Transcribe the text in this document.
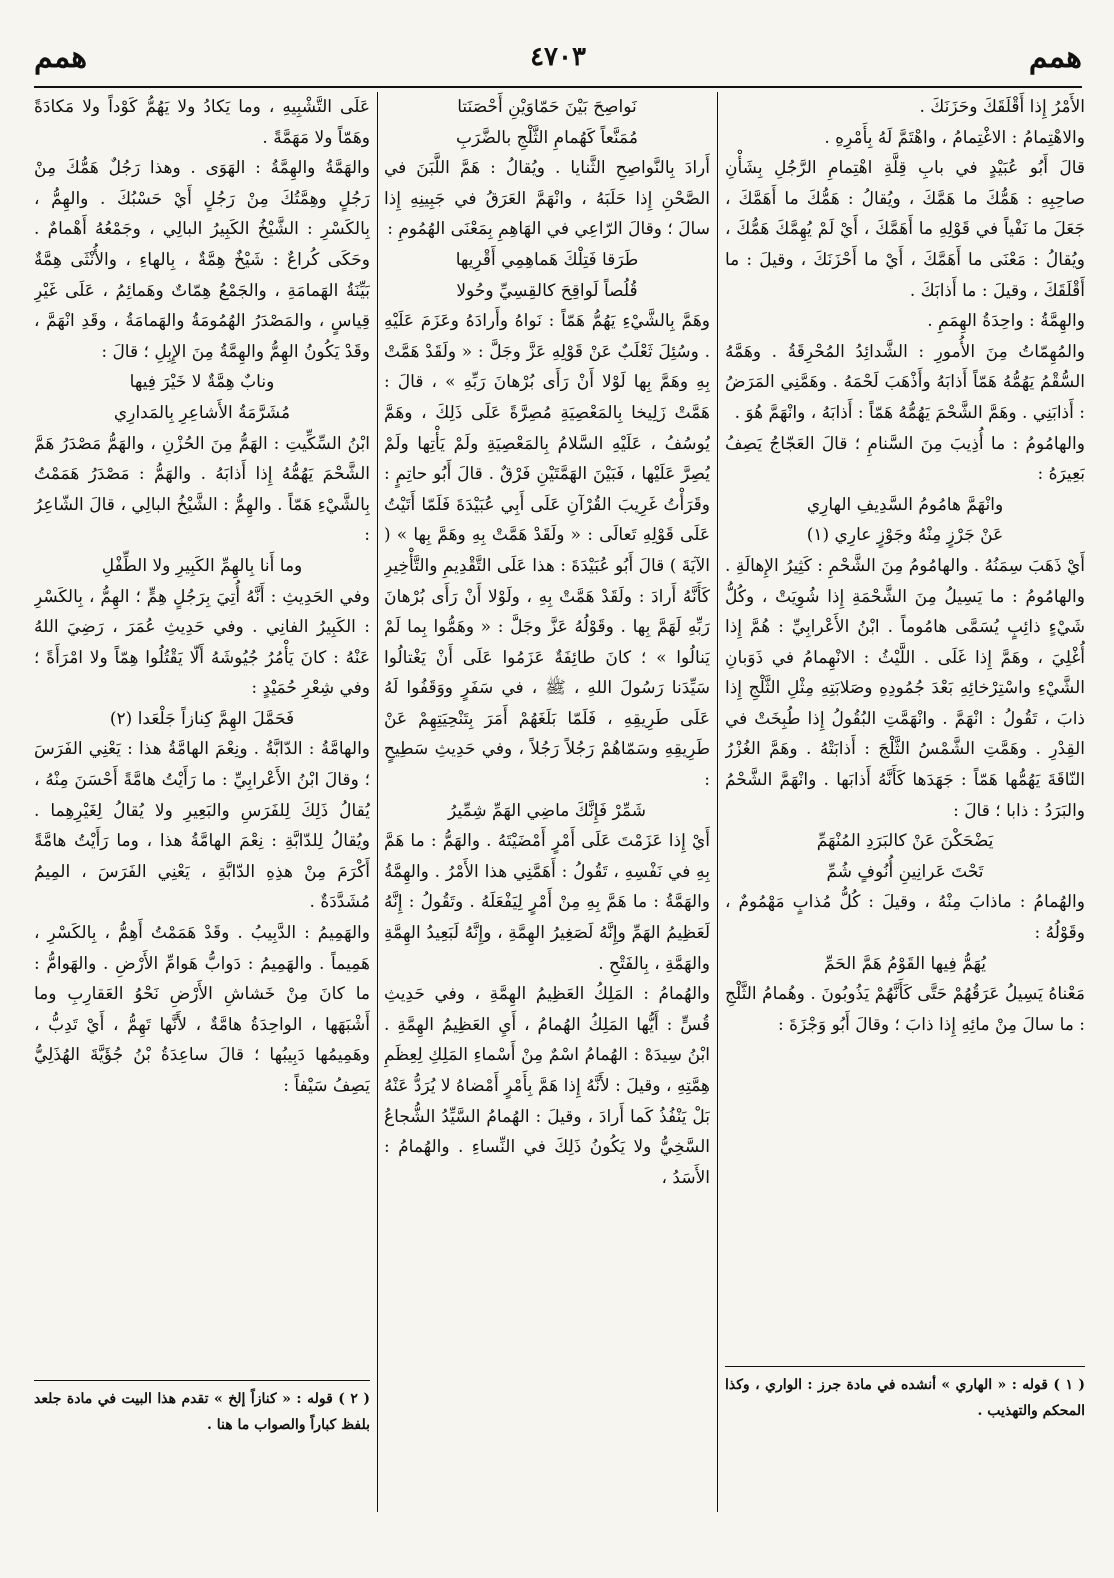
همم
٤٧٠٣
همم

الأَمْرُ إِذا أَقْلَقَكَ وحَزَنَكَ .

والاهْتِمامُ : الاغْتِمامُ ، واهْتَمَّ لَهُ بِأَمْرِهِ .

قالَ أَبُو عُبَيْدٍ في بابِ قِلَّةِ اهْتِمامِ الرَّجُلِ بِشَأْنِ صاحِبِهِ : هَمُّكَ ما هَمَّكَ ، ويُقالُ : هَمُّكَ ما أَهَمَّكَ ، جَعَلَ ما نَفْياً في قَوْلِهِ ما أَهَمَّكَ ، أَيْ لَمْ يُهِمَّكَ هَمُّكَ ، ويُقالُ : مَعْنَى ما أَهَمَّكَ ، أَيْ ما أَحْزَنَكَ ، وقيلَ : ما أَقْلَقَكَ ، وقيلَ : ما أَذابَكَ .

والهِمَّةُ : واحِدَةُ الهِمَمِ .

والمُهِمّاتُ مِنَ الأُمورِ : الشَّدائِدُ المُحْرِقَةُ . وهَمَّهُ السُّقْمُ يَهُمُّهُ هَمّاً أَذابَهُ وأَذْهَبَ لَحْمَهُ . وهَمَّنِي المَرَضُ : أَذابَنِي . وهَمَّ الشَّحْمَ يَهُمُّهُ هَمّاً : أَذابَهُ ، وانْهَمَّ هُوَ .

والهامُومُ : ما أُذِيبَ مِنَ السَّنامِ ؛ قالَ العَجّاجُ يَصِفُ بَعِيرَهُ :

وانْهَمَّ هامُومُ السَّدِيفِ الهارِي

عَنْ جَرْزٍ مِنْهُ وجَوْزٍ عارِي (١)

أَيْ ذَهَبَ سِمَنُهُ . والهامُومُ مِنَ الشَّحْمِ : كَثِيرُ الإِهالَةِ . والهامُومُ : ما يَسِيلُ مِنَ الشَّحْمَةِ إِذا شُوِيَتْ ، وكُلُّ شَيْءٍ ذائِبٍ يُسَمَّى هامُوماً . ابْنُ الأَعْرابِيِّ : هُمَّ إِذا أُغْلِيَ ، وهَمَّ إِذا غَلَى . اللَّيْثُ : الانْهِمامُ في ذَوَبانِ الشَّيْءِ واسْتِرْخائِهِ بَعْدَ جُمُودِهِ وصَلابَتِهِ مِثْلِ الثَّلْجِ إِذا ذابَ ، تَقُولُ : انْهَمَّ . وانْهَمَّتِ البُقُولُ إِذا طُبِخَتْ في القِدْرِ . وهَمَّتِ الشَّمْسُ الثَّلْجَ : أَذابَتْهُ . وهَمَّ الغُزْرُ النّاقَةَ يَهُمُّها هَمّاً : جَهَدَها كَأَنَّهُ أَذابَها . وانْهَمَّ الشَّحْمُ والبَرَدُ : ذابا ؛ قالَ :

يَضْحَكْنَ عَنْ كالبَرَدِ المُنْهَمِّ

تَحْتَ عَرانِينِ أُنُوفٍ شُمِّ

والهُمامُ : ماذابَ مِنْهُ ، وقيلَ : كُلُّ مُذابٍ مَهْمُومٌ ، وقَوْلُهُ :

يُهَمُّ فِيها القَوْمُ هَمَّ الحَمِّ

مَعْناهُ يَسِيلُ عَرَقُهُمْ حَتَّى كَأَنَّهُمْ يَذُوبُونَ . وهُمامُ الثَّلْجِ : ما سالَ مِنْ مائِهِ إِذا ذابَ ؛ وقالَ أَبُو وَجْزَةَ :

( ١ ) قوله : « الهاري » أنشده في مادة جرز : الواري ، وكذا المحكم والتهذيب .

نَواصِحَ بَيْنَ حَمّاوَيْنِ أَحْصَنَتا

مُمَنَّعاً كَهُمامِ الثَّلْجِ بالضَّرَبِ

أَرادَ بِالنَّواصِحِ الثَّنايا . ويُقالُ : هَمَّ اللَّبَنَ في الصَّحْنِ إِذا حَلَبَهُ ، وانْهَمَّ العَرَقُ في جَبِينِهِ إِذا سالَ ؛ وقالَ الرّاعِي في الهَاهِمِ بِمَعْنَى الهُمُومِ :

طَرَقا فَتِلْكَ هَماهِمِي أَقْرِيها

قُلُصاً لَواقِحَ كالقِسِيِّ وحُولا

وهَمَّ بِالشَّيْءِ يَهُمُّ هَمّاً : نَواهُ وأَرادَهُ وعَزَمَ عَلَيْهِ . وسُئِلَ ثَعْلَبٌ عَنْ قَوْلِهِ عَزَّ وجَلَّ : « ولَقَدْ هَمَّتْ بِهِ وهَمَّ بِها لَوْلا أَنْ رَأَى بُرْهانَ رَبِّهِ » ، قالَ : هَمَّتْ زَلِيخا بِالمَعْصِيَةِ مُصِرَّةً عَلَى ذَلِكَ ، وهَمَّ يُوسُفُ ، عَلَيْهِ السَّلامُ بِالمَعْصِيَةِ ولَمْ يَأْتِها ولَمْ يُصِرَّ عَلَيْها ، فَبَيْنَ الهَمَّتَيْنِ فَرْقٌ . قالَ أَبُو حاتِمٍ : وقَرَأْتُ غَرِيبَ القُرْآنِ عَلَى أَبِي عُبَيْدَةَ فَلَمّا أَتَيْتُ عَلَى قَوْلِهِ تَعالَى : « ولَقَدْ هَمَّتْ بِهِ وهَمَّ بِها » ( الآيَةَ ) قالَ أَبُو عُبَيْدَةَ : هذا عَلَى التَّقْدِيمِ والتَّأْخِيرِ كَأَنَّهُ أَرادَ : ولَقَدْ هَمَّتْ بِهِ ، ولَوْلا أَنْ رَأَى بُرْهانَ رَبِّهِ لَهَمَّ بِها . وقَوْلُهُ عَزَّ وجَلَّ : « وهَمُّوا بِما لَمْ يَنالُوا » ؛ كانَ طائِفَةٌ عَزَمُوا عَلَى أَنْ يَغْتالُوا سَيِّدَنا رَسُولَ اللهِ ، ﷺ ، في سَفَرٍ ووَقَفُوا لَهُ عَلَى طَرِيقِهِ ، فَلَمّا بَلَغَهُمْ أَمَرَ بِتَنْحِيَتِهِمْ عَنْ طَرِيقِهِ وسَمّاهُمْ رَجُلاً رَجُلاً ، وفي حَدِيثِ سَطِيحٍ :

شَمِّرْ فَإِنَّكَ ماضِي الهَمِّ شِمِّيرُ

أَيْ إِذا عَزَمْتَ عَلَى أَمْرٍ أَمْضَيْتَهُ . والهَمُّ : ما هَمَّ بِهِ في نَفْسِهِ ، تَقُولُ : أَهَمَّنِي هذا الأَمْرُ . والهِمَّةُ والهَمَّةُ : ما هَمَّ بِهِ مِنْ أَمْرٍ لِيَفْعَلَهُ . وتَقُولُ : إِنَّهُ لَعَظِيمُ الهَمِّ وإِنَّهُ لَصَغِيرُ الهِمَّةِ ، وإِنَّهُ لَبَعِيدُ الهِمَّةِ والهَمَّةِ ، بِالفَتْحِ .

والهُمامُ : المَلِكُ العَظِيمُ الهِمَّةِ ، وفي حَدِيثِ قُسٍّ : أَيُّها المَلِكُ الهُمامُ ، أَيِ العَظِيمُ الهِمَّةِ . ابْنُ سِيدَهْ : الهُمامُ اسْمٌ مِنْ أَسْماءِ المَلِكِ لِعِظَمِ هِمَّتِهِ ، وقيلَ : لأَنَّهُ إِذا هَمَّ بِأَمْرٍ أَمْضاهُ لا يُرَدُّ عَنْهُ بَلْ يَنْفُذُ كَما أَرادَ ، وقيلَ : الهُمامُ السَّيِّدُ الشُّجاعُ السَّخِيُّ ولا يَكُونُ ذَلِكَ في النِّساءِ . والهُمامُ : الأَسَدُ ،

عَلَى التَّشْبِيهِ ، وما يَكادُ ولا يَهُمُّ كَوْداً ولا مَكادَةً وهَمّاً ولا مَهَمَّةً .

والهَمَّةُ والهِمَّةُ : الهَوَى . وهذا رَجُلٌ هَمُّكَ مِنْ رَجُلٍ وهِمَّتُكَ مِنْ رَجُلٍ أَيْ حَسْبُكَ . والهِمُّ ، بِالكَسْرِ : الشَّيْخُ الكَبِيرُ البالِي ، وجَمْعُهُ أَهْمامٌ . وحَكَى كُراعٌ : شَيْخٌ هِمَّةٌ ، بِالهاءِ ، والأُنْثَى هِمَّةٌ بَيِّنَةُ الهَمامَةِ ، والجَمْعُ هِمّاتٌ وهَمائِمُ ، عَلَى غَيْرِ قِياسٍ ، والمَصْدَرُ الهُمُومَةُ والهَمامَةُ ، وقَدِ انْهَمَّ ، وقَدْ يَكُونُ الهِمُّ والهِمَّةُ مِنَ الإِبِلِ ؛ قالَ :

ونابٌ هِمَّةٌ لا خَيْرَ فِيها

مُشَرَّمَةُ الأَشاعِرِ بِالمَدارِي

ابْنُ السِّكِّيتِ : الهَمُّ مِنَ الحُزْنِ ، والهَمُّ مَصْدَرُ هَمَّ الشَّحْمَ يَهُمُّهُ إِذا أَذابَهُ . والهَمُّ : مَصْدَرُ هَمَمْتُ بِالشَّيْءِ هَمّاً . والهِمُّ : الشَّيْخُ البالِي ، قالَ الشّاعِرُ :

وما أَنا بِالهِمِّ الكَبِيرِ ولا الطِّفْلِ

وفي الحَدِيثِ : أَنَّهُ أُتِيَ بِرَجُلٍ هِمٍّ ؛ الهِمُّ ، بِالكَسْرِ : الكَبِيرُ الفانِي . وفي حَدِيثِ عُمَرَ ، رَضِيَ اللهُ عَنْهُ : كانَ يَأْمُرُ جُيُوشَهُ أَلّا يَقْتُلُوا هِمّاً ولا امْرَأَةً ؛ وفي شِعْرِ حُمَيْدٍ :

فَحَمَّلَ الهِمَّ كِنازاً جَلْعَدا (٢)

والهامَّةُ : الدّابَّةُ . ونِعْمَ الهامَّةُ هذا : يَعْنِي الفَرَسَ ؛ وقالَ ابْنُ الأَعْرابِيِّ : ما رَأَيْتُ هامَّةً أَحْسَنَ مِنْهُ ، يُقالُ ذَلِكَ لِلفَرَسِ والبَعِيرِ ولا يُقالُ لِغَيْرِهِما . ويُقالُ لِلدّابَّةِ : نِعْمَ الهامَّةُ هذا ، وما رَأَيْتُ هامَّةً أَكْرَمَ مِنْ هذِهِ الدّابَّةِ ، يَعْنِي الفَرَسَ ، المِيمُ مُشَدَّدَةٌ .

والهَمِيمُ : الدَّبِيبُ . وقَدْ هَمَمْتُ أَهِمُّ ، بِالكَسْرِ ، هَمِيماً . والهَمِيمُ : دَوابُّ هَوامِّ الأَرْضِ . والهَوامُّ : ما كانَ مِنْ خَشاشِ الأَرْضِ نَحْوُ العَقارِبِ وما أَشْبَهَها ، الواحِدَةُ هامَّةٌ ، لأَنَّها تَهِمُّ ، أَيْ تَدِبُّ ، وهَمِيمُها دَبِيبُها ؛ قالَ ساعِدَةُ بْنُ جُؤَيَّةَ الهُذَلِيُّ يَصِفُ سَيْفاً :

( ٢ ) قوله : « كنازاً إلخ » تقدم هذا البيت في مادة جلعد بلفظ كباراً والصواب ما هنا .
